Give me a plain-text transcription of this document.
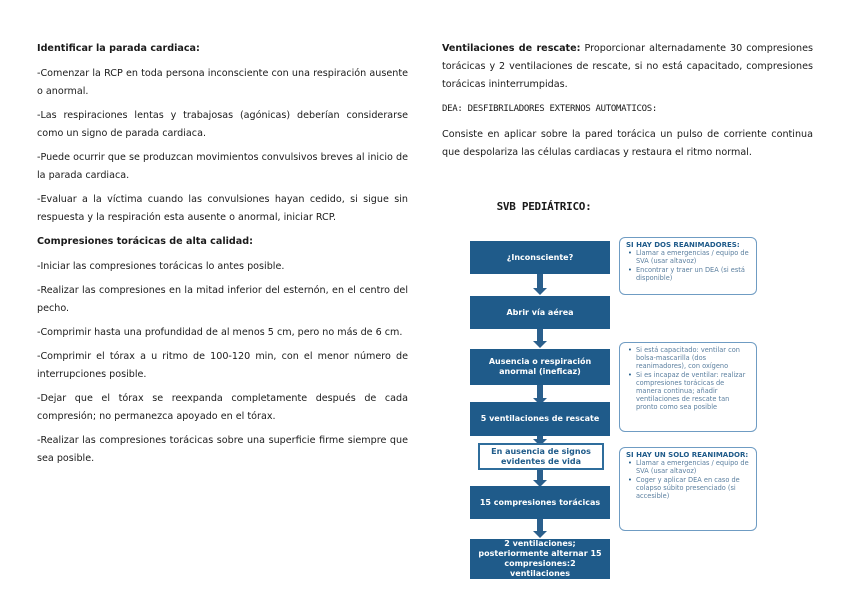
Identificar la parada cardiaca:
-Comenzar la RCP en toda persona inconsciente con una respiración ausente o anormal.
-Las respiraciones lentas y trabajosas (agónicas) deberían considerarse como un signo de parada cardiaca.
-Puede ocurrir que se produzcan movimientos convulsivos breves al inicio de la parada cardiaca.
-Evaluar a la víctima cuando las convulsiones hayan cedido, si sigue sin respuesta y la respiración esta ausente o anormal, iniciar RCP.
Compresiones torácicas de alta calidad:
-Iniciar las compresiones torácicas lo antes posible.
-Realizar las compresiones en la mitad inferior del esternón, en el centro del pecho.
-Comprimir hasta una profundidad de al menos 5 cm, pero no más de 6 cm.
-Comprimir el tórax a u ritmo de 100-120 min, con el menor número de interrupciones posible.
-Dejar que el tórax se reexpanda completamente después de cada compresión; no permanezca apoyado en el tórax.
-Realizar las compresiones torácicas sobre una superficie firme siempre que sea posible.
Ventilaciones de rescate: Proporcionar alternadamente 30 compresiones torácicas y 2 ventilaciones de rescate, si no está capacitado, compresiones torácicas ininterrumpidas.
DEA: DESFIBRILADORES EXTERNOS AUTOMATICOS:
Consiste en aplicar sobre la pared torácica un pulso de corriente continua que despolariza las células cardiacas y restaura el ritmo normal.
SVB PEDIÁTRICO:
¿Inconsciente?
Abrir vía aérea
Ausencia o respiración anormal (ineficaz)
5 ventilaciones de rescate
En ausencia de signos evidentes de vida
15 compresiones torácicas
2 ventilaciones; posteriormente alternar 15 compresiones:2 ventilaciones
SI HAY DOS REANIMADORES:
• Llamar a emergencias / equipo de SVA (usar altavoz)
• Encontrar y traer un DEA (si está disponible)
• Si está capacitado: ventilar con bolsa-mascarilla (dos reanimadores), con oxígeno
• Si es incapaz de ventilar: realizar compresiones torácicas de manera continua; añadir ventilaciones de rescate tan pronto como sea posible
SI HAY UN SOLO REANIMADOR:
• Llamar a emergencias / equipo de SVA (usar altavoz)
• Coger y aplicar DEA en caso de colapso súbito presenciado (si accesible)
